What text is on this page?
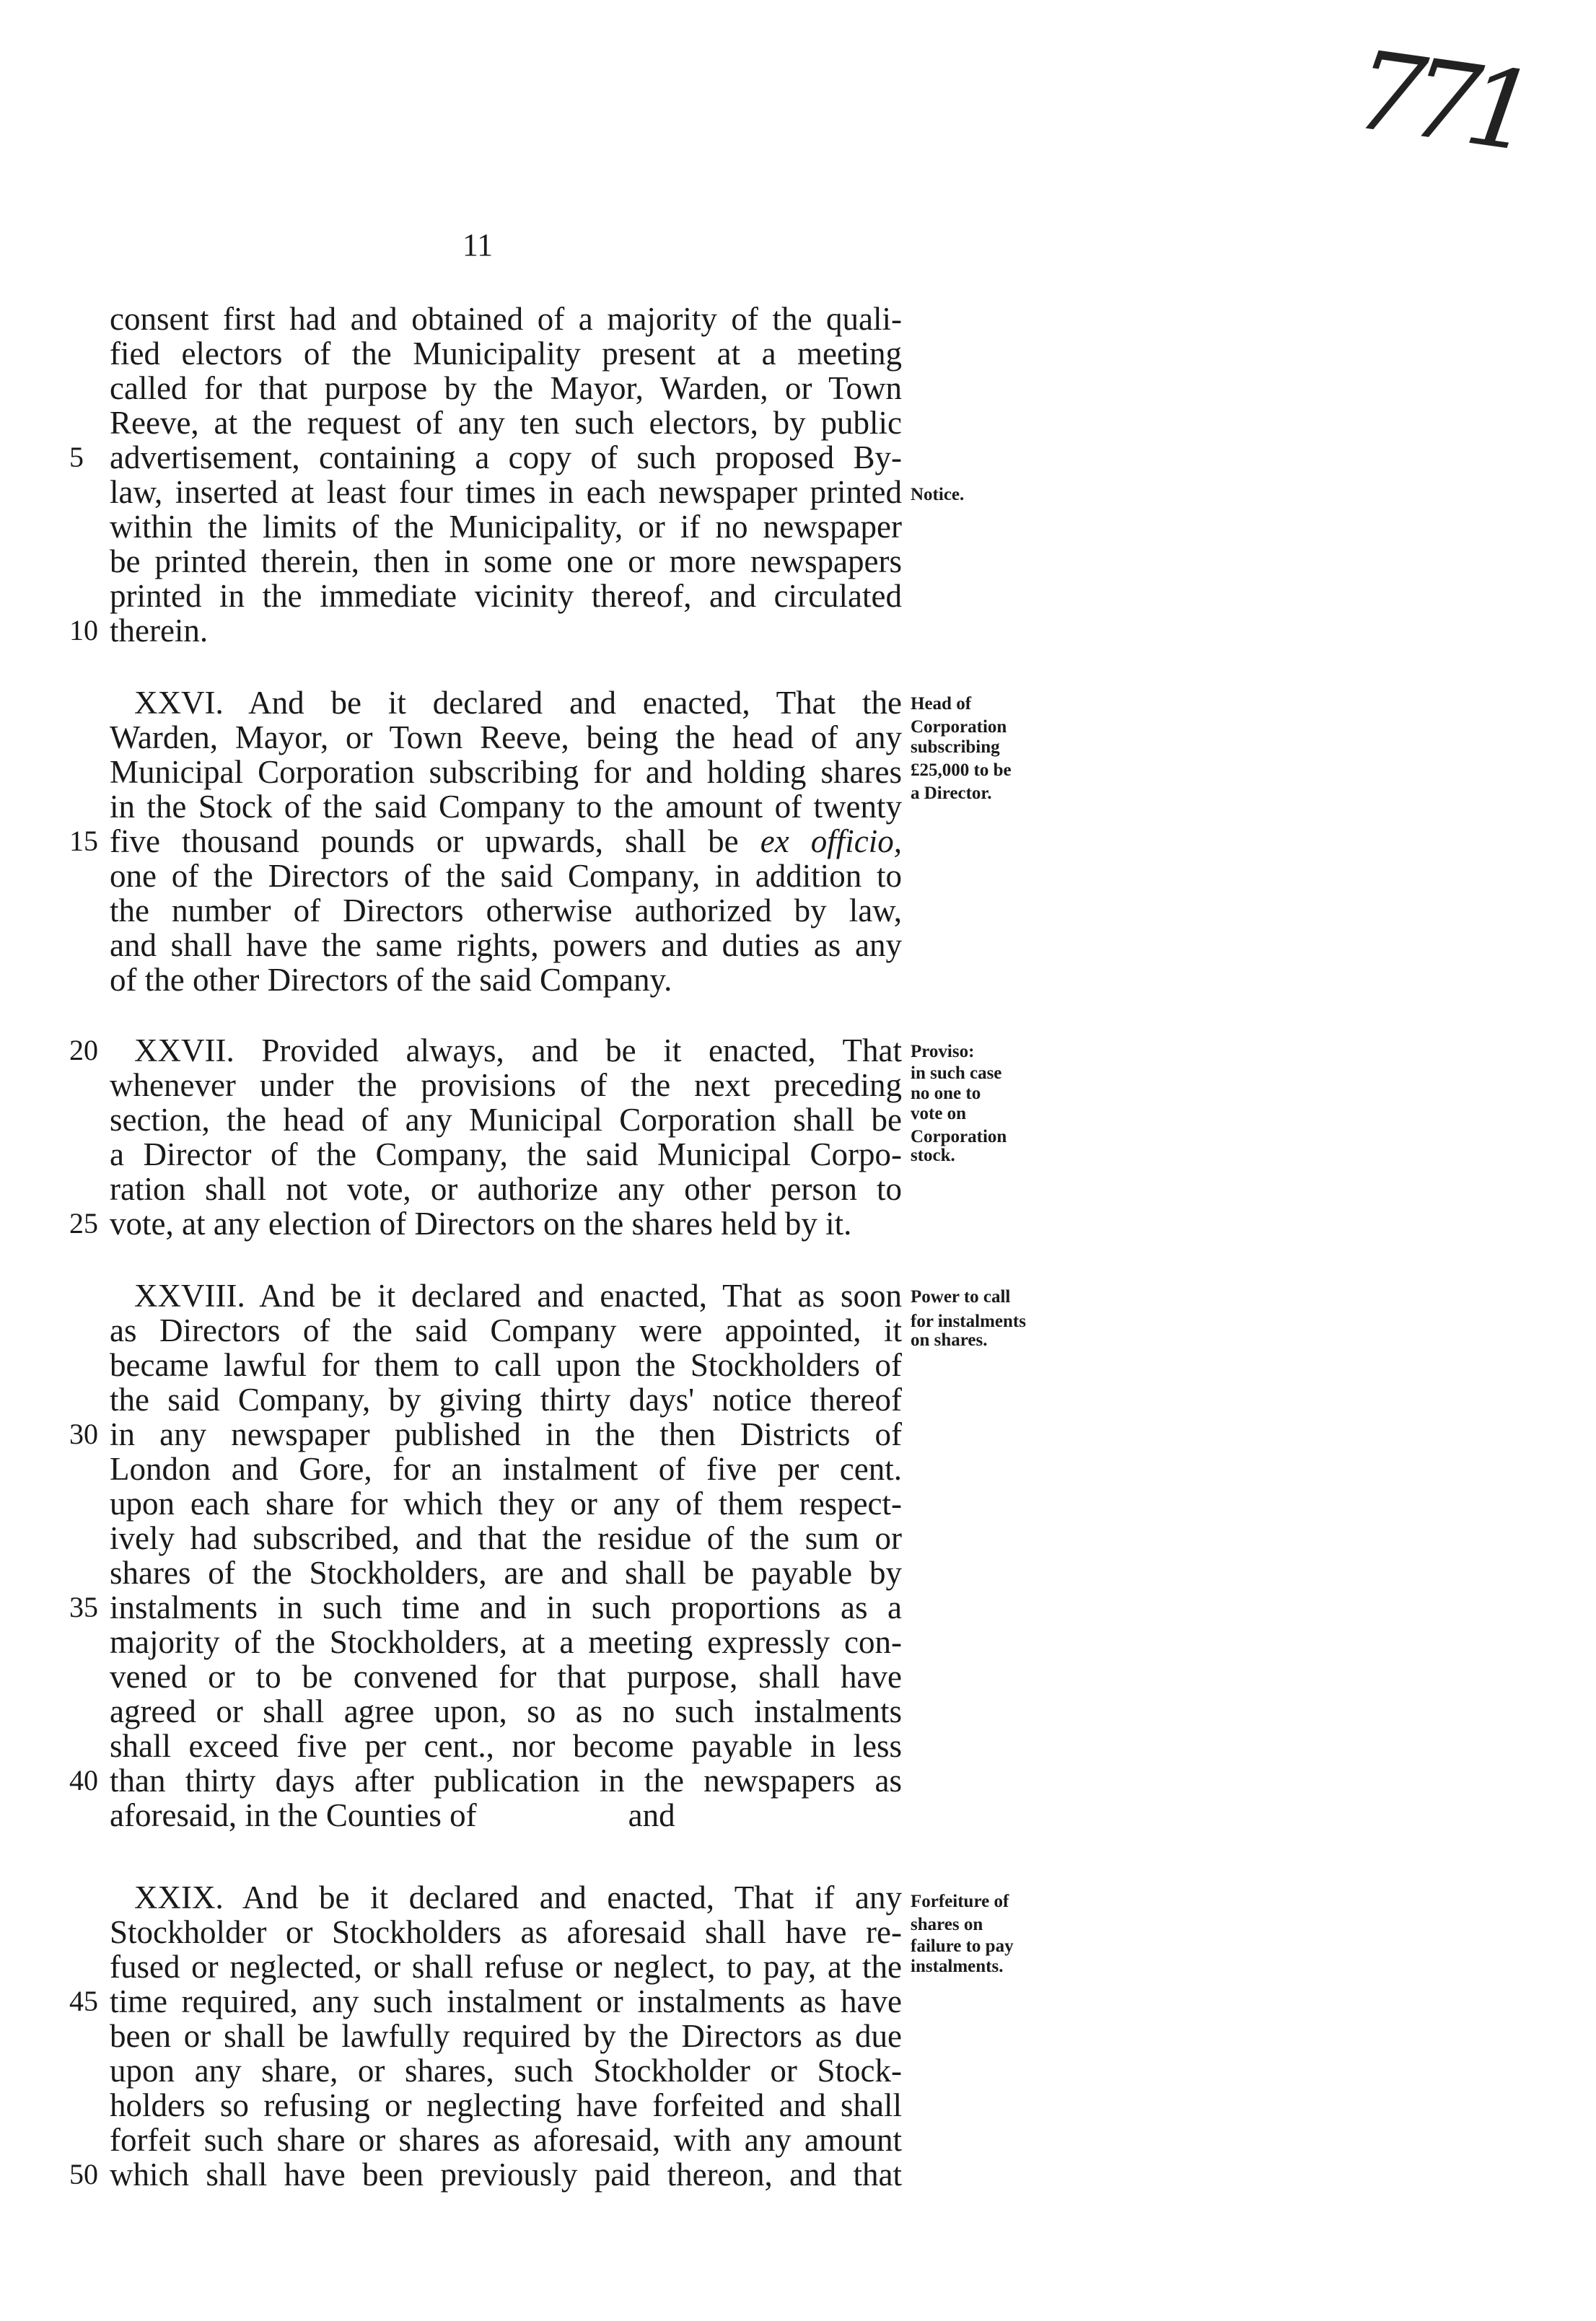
771
11
consent first had and obtained of a majority of the quali-
fied electors of the Municipality present at a meeting
called for that purpose by the Mayor, Warden, or Town
Reeve, at the request of any ten such electors, by public
5 advertisement, containing a copy of such proposed By-
law, inserted at least four times in each newspaper printed Notice.
within the limits of the Municipality, or if no newspaper
be printed therein, then in some one or more newspapers
printed in the immediate vicinity thereof, and circulated
10 therein.
XXVI. And be it declared and enacted, That the
Warden, Mayor, or Town Reeve, being the head of any
Municipal Corporation subscribing for and holding shares
in the Stock of the said Company to the amount of twenty
15 five thousand pounds or upwards, shall be ex officio,
one of the Directors of the said Company, in addition to
the number of Directors otherwise authorized by law,
and shall have the same rights, powers and duties as any
of the other Directors of the said Company.
Head of
Corporation
subscribing
£25,000 to be
a Director.
20	XXVII. Provided always, and be it enacted, That
whenever under the provisions of the next preceding
section, the head of any Municipal Corporation shall be
a Director of the Company, the said Municipal Corpo-
ration shall not vote, or authorize any other person to
25 vote, at any election of Directors on the shares held by it.
Proviso:
in such case
no one to
vote on
Corporation
stock.
XXVIII. And be it declared and enacted, That as soon
as Directors of the said Company were appointed, it
became lawful for them to call upon the Stockholders of
the said Company, by giving thirty days' notice thereof
30 in any newspaper published in the then Districts of
London and Gore, for an instalment of five per cent.
upon each share for which they or any of them respect-
ively had subscribed, and that the residue of the sum or
shares of the Stockholders, are and shall be payable by
35 instalments in such time and in such proportions as a
majority of the Stockholders, at a meeting expressly con-
vened or to be convened for that purpose, shall have
agreed or shall agree upon, so as no such instalments
shall exceed five per cent., nor become payable in less
40 than thirty days after publication in the newspapers as
aforesaid, in the Counties of	and
Power to call
for instalments
on shares.
XXIX. And be it declared and enacted, That if any
Stockholder or Stockholders as aforesaid shall have re-
fused or neglected, or shall refuse or neglect, to pay, at the
45 time required, any such instalment or instalments as have
been or shall be lawfully required by the Directors as due
upon any share, or shares, such Stockholder or Stock-
holders so refusing or neglecting have forfeited and shall
forfeit such share or shares as aforesaid, with any amount
50 which shall have been previously paid thereon, and that
Forfeiture of
shares on
failure to pay
instalments.
